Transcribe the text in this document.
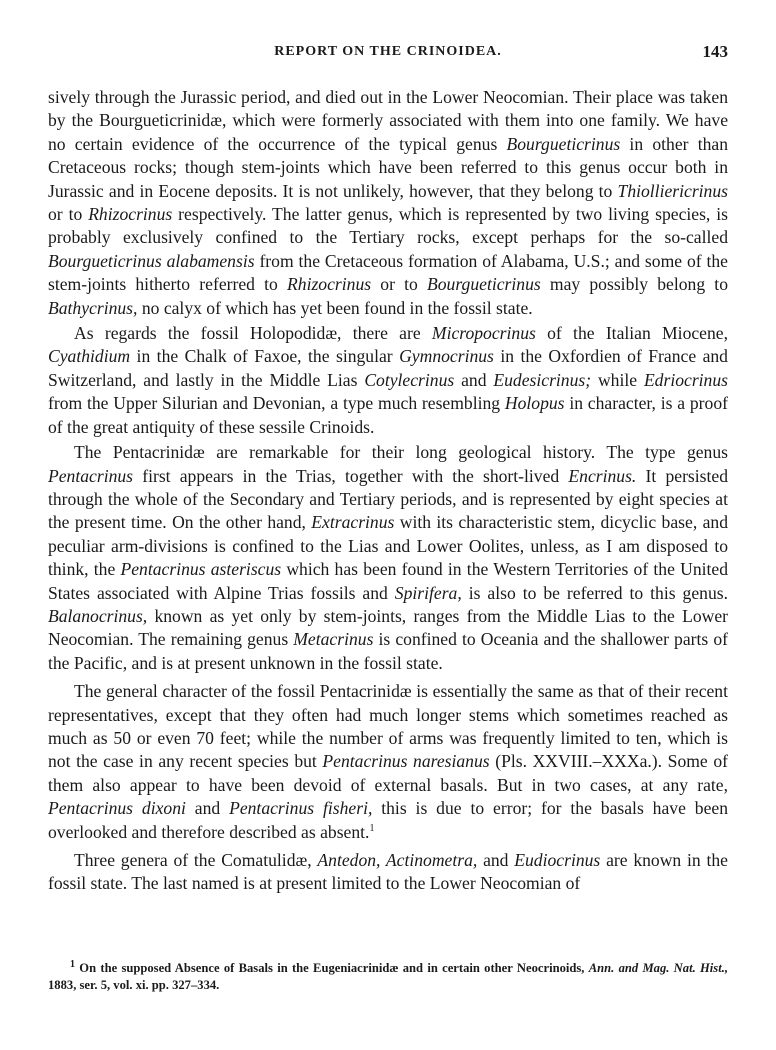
REPORT ON THE CRINOIDEA.	143

sively through the Jurassic period, and died out in the Lower Neocomian. Their place was taken by the Bourgueticrinidæ, which were formerly associated with them into one family. We have no certain evidence of the occurrence of the typical genus Bourgueticrinus in other than Cretaceous rocks; though stem-joints which have been referred to this genus occur both in Jurassic and in Eocene deposits. It is not unlikely, however, that they belong to Thiolliericrinus or to Rhizocrinus respectively. The latter genus, which is represented by two living species, is probably exclusively confined to the Tertiary rocks, except perhaps for the so-called Bourgueticrinus alabamensis from the Cretaceous formation of Alabama, U.S.; and some of the stem-joints hitherto referred to Rhizocrinus or to Bourgueticrinus may possibly belong to Bathycrinus, no calyx of which has yet been found in the fossil state.

As regards the fossil Holopodidæ, there are Micropocrinus of the Italian Miocene, Cyathidium in the Chalk of Faxoe, the singular Gymnocrinus in the Oxfordien of France and Switzerland, and lastly in the Middle Lias Cotylecrinus and Eudesicrinus; while Edriocrinus from the Upper Silurian and Devonian, a type much resembling Holopus in character, is a proof of the great antiquity of these sessile Crinoids.

The Pentacrinidæ are remarkable for their long geological history. The type genus Pentacrinus first appears in the Trias, together with the short-lived Encrinus. It persisted through the whole of the Secondary and Tertiary periods, and is represented by eight species at the present time. On the other hand, Extracrinus with its characteristic stem, dicyclic base, and peculiar arm-divisions is confined to the Lias and Lower Oolites, unless, as I am disposed to think, the Pentacrinus asteriscus which has been found in the Western Territories of the United States associated with Alpine Trias fossils and Spirifera, is also to be referred to this genus. Balanocrinus, known as yet only by stem-joints, ranges from the Middle Lias to the Lower Neocomian. The remaining genus Metacrinus is confined to Oceania and the shallower parts of the Pacific, and is at present unknown in the fossil state.

The general character of the fossil Pentacrinidæ is essentially the same as that of their recent representatives, except that they often had much longer stems which sometimes reached as much as 50 or even 70 feet; while the number of arms was frequently limited to ten, which is not the case in any recent species but Pentacrinus naresianus (Pls. XXVIII.–XXXa.). Some of them also appear to have been devoid of external basals. But in two cases, at any rate, Pentacrinus dixoni and Pentacrinus fisheri, this is due to error; for the basals have been overlooked and therefore described as absent.$^1$

Three genera of the Comatulidæ, Antedon, Actinometra, and Eudiocrinus are known in the fossil state. The last named is at present limited to the Lower Neocomian of

$^1$ On the supposed Absence of Basals in the Eugeniacrinidæ and in certain other Neocrinoids, Ann. and Mag. Nat. Hist., 1883, ser. 5, vol. xi. pp. 327–334.
